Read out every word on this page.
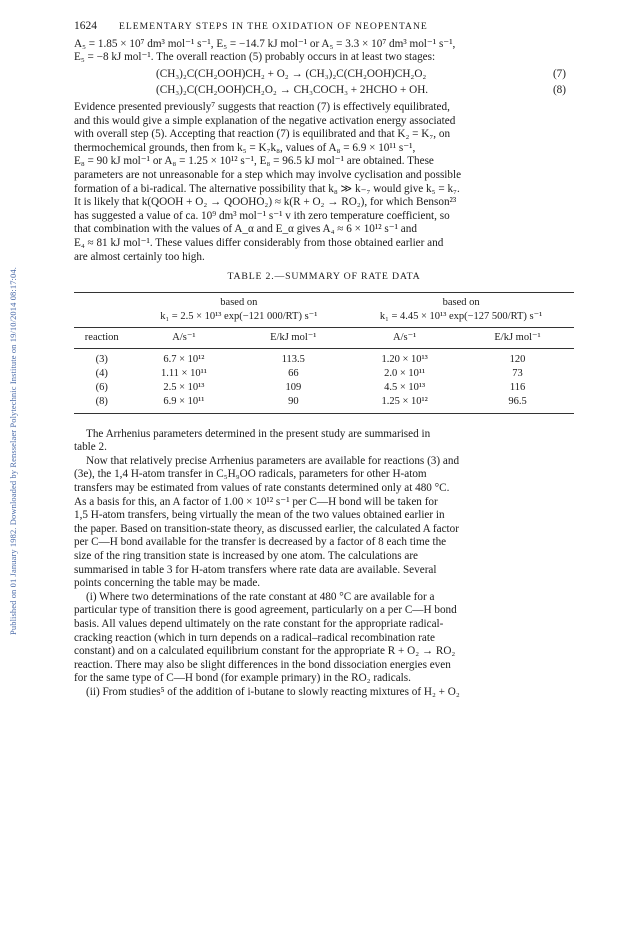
Published on 01 January 1982. Downloaded by Rensselaer Polytechnic Institute on 19/10/2014 08:17:04.
1624 ELEMENTARY STEPS IN THE OXIDATION OF NEOPENTANE

A₅ = 1.85 × 10⁷ dm³ mol⁻¹ s⁻¹, E₅ = −14.7 kJ mol⁻¹ or A₅ = 3.3 × 10⁷ dm³ mol⁻¹ s⁻¹,
E₅ = −8 kJ mol⁻¹. The overall reaction (5) probably occurs in at least two stages:

(CH₃)₂C(CH₂OOH)CH₂ + O₂ → (CH₃)₂C(CH₂OOH)CH₂O₂	(7)
(CH₃)₂C(CH₂OOH)CH₂O₂ → CH₃COCH₃ + 2HCHO + OH.	(8)

Evidence presented previously⁷ suggests that reaction (7) is effectively equilibrated,
and this would give a simple explanation of the negative activation energy associated
with overall step (5). Accepting that reaction (7) is equilibrated and that K₂ = K₇, on
thermochemical grounds, then from k₅ = K₇k₈, values of A₈ = 6.9 × 10¹¹ s⁻¹,
E₈ = 90 kJ mol⁻¹ or A₈ = 1.25 × 10¹² s⁻¹, E₈ = 96.5 kJ mol⁻¹ are obtained. These
parameters are not unreasonable for a step which may involve cyclisation and possible
formation of a bi-radical. The alternative possibility that k₈ ≫ k₋₇ would give k₅ = k₇.
It is likely that k(QOOH + O₂ → QOOHO₂) ≈ k(R + O₂ → RO₂), for which Benson²³
has suggested a value of ca. 10⁹ dm³ mol⁻¹ s⁻¹ v ith zero temperature coefficient, so
that combination with the values of A_α and E_α gives A₄ ≈ 6 × 10¹² s⁻¹ and
E₄ ≈ 81 kJ mol⁻¹. These values differ considerably from those obtained earlier and
are almost certainly too high.

TABLE 2.—SUMMARY OF RATE DATA
	based on		based on	
	k₁ = 2.5 × 10¹³ exp(−121 000/RT) s⁻¹		k₁ = 4.45 × 10¹³ exp(−127 500/RT) s⁻¹	
reaction	A/s⁻¹	E/kJ mol⁻¹	A/s⁻¹	E/kJ mol⁻¹
(3)	6.7 × 10¹²	113.5	1.20 × 10¹³	120
(4)	1.11 × 10¹¹	66	2.0 × 10¹¹	73
(6)	2.5 × 10¹³	109	4.5 × 10¹³	116
(8)	6.9 × 10¹¹	90	1.25 × 10¹²	96.5

The Arrhenius parameters determined in the present study are summarised in
table 2.

Now that relatively precise Arrhenius parameters are available for reactions (3) and
(3e), the 1,4 H-atom transfer in C₅H₉OO radicals, parameters for other H-atom
transfers may be estimated from values of rate constants determined only at 480 °C.
As a basis for this, an A factor of 1.00 × 10¹² s⁻¹ per C—H bond will be taken for
1,5 H-atom transfers, being virtually the mean of the two values obtained earlier in
the paper. Based on transition-state theory, as discussed earlier, the calculated A factor
per C—H bond available for the transfer is decreased by a factor of 8 each time the
size of the ring transition state is increased by one atom. The calculations are
summarised in table 3 for H-atom transfers where rate data are available. Several
points concerning the table may be made.

(i) Where two determinations of the rate constant at 480 °C are available for a
particular type of transition there is good agreement, particularly on a per C—H bond
basis. All values depend ultimately on the rate constant for the appropriate radical-
cracking reaction (which in turn depends on a radical–radical recombination rate
constant) and on a calculated equilibrium constant for the appropriate R + O₂ → RO₂
reaction. There may also be slight differences in the bond dissociation energies even
for the same type of C—H bond (for example primary) in the RO₂ radicals.

(ii) From studies⁵ of the addition of i-butane to slowly reacting mixtures of H₂ + O₂
